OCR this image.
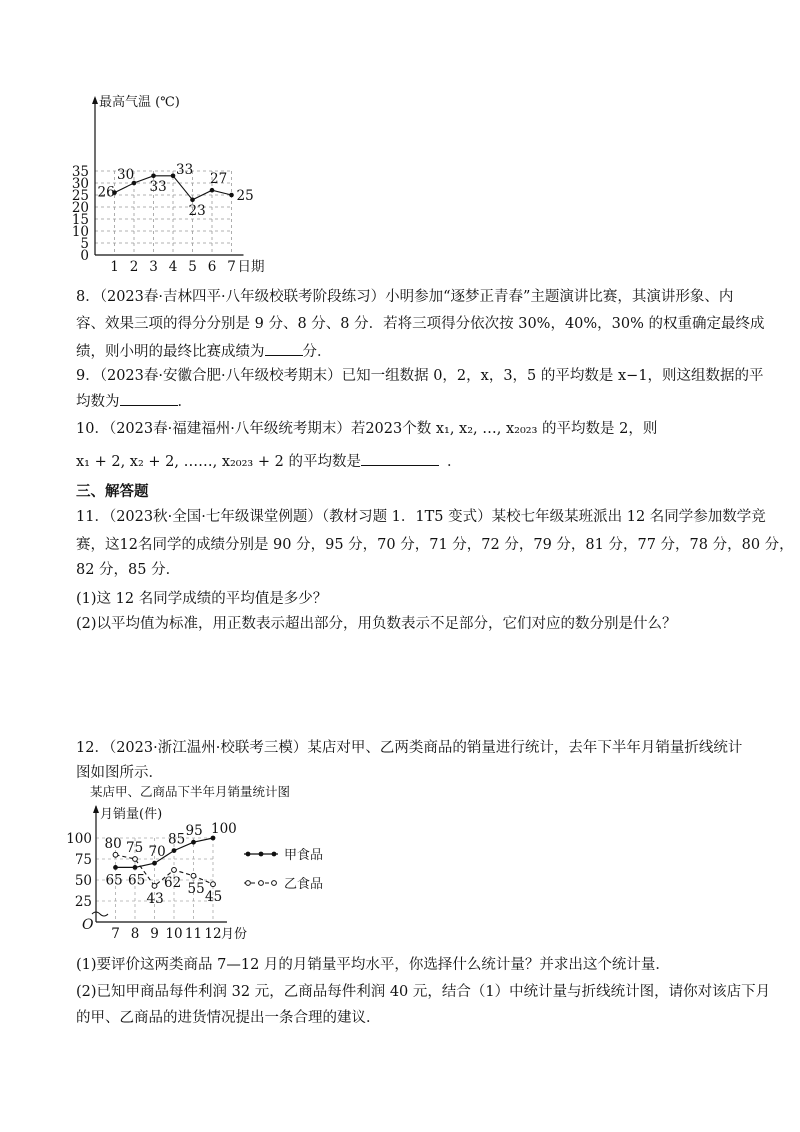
最高气温 (℃)
0
5
10
15
20
25
30
35
1 2 3 4 5 6 7 日期
26
30
33
33
23
27
25
8．（2023春·吉林四平·八年级校联考阶段练习）小明参加“逐梦正青春”主题演讲比赛，其演讲形象、内
容、效果三项的得分分别是 9 分、8 分、8 分．若将三项得分依次按 30%，40%，30% 的权重确定最终成
绩，则小明的最终比赛成绩为	分．
9．（2023春·安徽合肥·八年级校考期末）已知一组数据 0，2，x，3，5 的平均数是 x−1，则这组数据的平
均数为	．
10．（2023春·福建福州·八年级统考期末）若2023个数 x₁, x₂, …, x₂₀₂₃ 的平均数是 2，则
x₁ + 2, x₂ + 2, ……, x₂₀₂₃ + 2 的平均数是	．
三、解答题
11．（2023秋·全国·七年级课堂例题）（教材习题 1．1T5 变式）某校七年级某班派出 12 名同学参加数学竞
赛，这12名同学的成绩分别是 90 分，95 分，70 分，71 分，72 分，79 分，81 分，77 分，78 分，80 分，
82 分，85 分．
(1)这 12 名同学成绩的平均值是多少？
(2)以平均值为标准，用正数表示超出部分，用负数表示不足部分，它们对应的数分别是什么？
12．（2023·浙江温州·校联考三模）某店对甲、乙两类商品的销量进行统计，去年下半年月销量折线统计
图如图所示．
某店甲、乙商品下半年月销量统计图
月销量(件)
O
25
50
75
100
7 8 9 10 11 12 月份
65 65
70
85
95 100
80 75
43
62 55
45
甲食品
乙食品
(1)要评价这两类商品 7—12 月的月销量平均水平，你选择什么统计量？并求出这个统计量．
(2)已知甲商品每件利润 32 元，乙商品每件利润 40 元，结合（1）中统计量与折线统计图，请你对该店下月
的甲、乙商品的进货情况提出一条合理的建议．
